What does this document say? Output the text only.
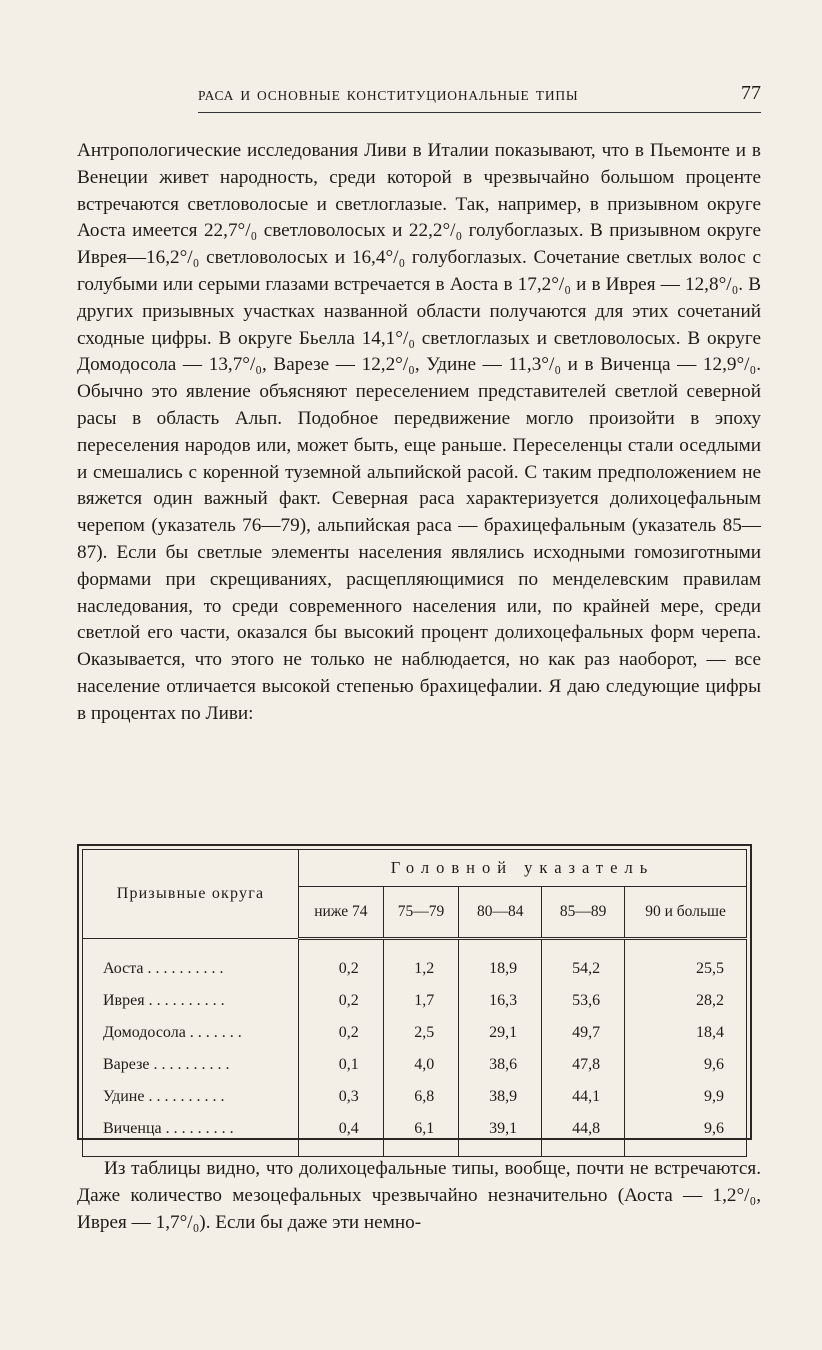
РАСА И ОСНОВНЫЕ КОНСТИТУЦИОНАЛЬНЫЕ ТИПЫ	77

Антропологические исследования Ливи в Италии показывают, что в Пьемонте и в Венеции живет народность, среди которой в чрезвычайно большом проценте встречаются светловолосые и светлоглазые. Так, например, в призывном округе Аоста имеется 22,7°/₀ светловолосых и 22,2°/₀ голубоглазых. В призывном округе Иврея—16,2°/₀ светловолосых и 16,4°/₀ голубоглазых. Сочетание светлых волос с голубыми или серыми глазами встречается в Аоста в 17,2°/₀ и в Иврея — 12,8°/₀. В других призывных участках названной области получаются для этих сочетаний сходные цифры. В округе Бьелла 14,1°/₀ светлоглазых и светловолосых. В округе Домодосола — 13,7°/₀, Варезе — 12,2°/₀, Удине — 11,3°/₀ и в Виченца — 12,9°/₀. Обычно это явление объясняют переселением представителей светлой северной расы в область Альп. Подобное передвижение могло произойти в эпоху переселения народов или, может быть, еще раньше. Переселенцы стали оседлыми и смешались с коренной туземной альпийской расой. С таким предположением не вяжется один важный факт. Северная раса характеризуется долихоцефальным черепом (указатель 76—79), альпийская раса — брахицефальным (указатель 85—87). Если бы светлые элементы населения являлись исходными гомозиготными формами при скрещиваниях, расщепляющимися по менделевским правилам наследования, то среди современного населения или, по крайней мере, среди светлой его части, оказался бы высокий процент долихоцефальных форм черепа. Оказывается, что этого не только не наблюдается, но как раз наоборот, — все население отличается высокой степенью брахицефалии. Я даю следующие цифры в процентах по Ливи:

Призывные округа	Головной указатель				
	ниже 74	75—79	80—84	85—89	90 и больше
Аоста . . . . . . . . . .	0,2	1,2	18,9	54,2	25,5
Иврея . . . . . . . . . .	0,2	1,7	16,3	53,6	28,2
Домодосола . . . . . . .	0,2	2,5	29,1	49,7	18,4
Варезе . . . . . . . . . .	0,1	4,0	38,6	47,8	9,6
Удине . . . . . . . . . .	0,3	6,8	38,9	44,1	9,9
Виченца . . . . . . . . .	0,4	6,1	39,1	44,8	9,6

Из таблицы видно, что долихоцефальные типы, вообще, почти не встречаются. Даже количество мезоцефальных чрезвычайно незначительно (Аоста — 1,2°/₀, Иврея — 1,7°/₀). Если бы даже эти немно-
